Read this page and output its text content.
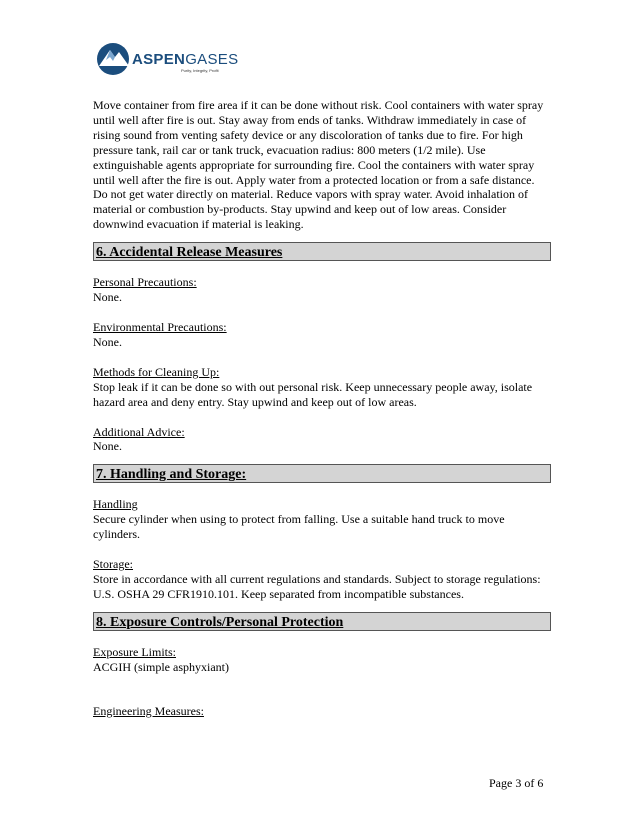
ASPENGASES
Purity, Integrity, Profit

Move container from fire area if it can be done without risk. Cool containers with water spray until well after fire is out. Stay away from ends of tanks. Withdraw immediately in case of rising sound from venting safety device or any discoloration of tanks due to fire. For high pressure tank, rail car or tank truck, evacuation radius: 800 meters (1/2 mile). Use extinguishable agents appropriate for surrounding fire. Cool the containers with water spray until well after the fire is out. Apply water from a protected location or from a safe distance. Do not get water directly on material. Reduce vapors with spray water. Avoid inhalation of material or combustion by-products. Stay upwind and keep out of low areas. Consider downwind evacuation if material is leaking.

6. Accidental Release Measures

Personal Precautions:

None.

Environmental Precautions:

None.

Methods for Cleaning Up:

Stop leak if it can be done so with out personal risk. Keep unnecessary people away, isolate hazard area and deny entry. Stay upwind and keep out of low areas.

Additional Advice:

None.

7. Handling and Storage:

Handling

Secure cylinder when using to protect from falling. Use a suitable hand truck to move cylinders.

Storage:

Store in accordance with all current regulations and standards. Subject to storage regulations: U.S. OSHA 29 CFR1910.101. Keep separated from incompatible substances.

8. Exposure Controls/Personal Protection

Exposure Limits:

ACGIH (simple asphyxiant)

Engineering Measures:

Page 3 of 6
